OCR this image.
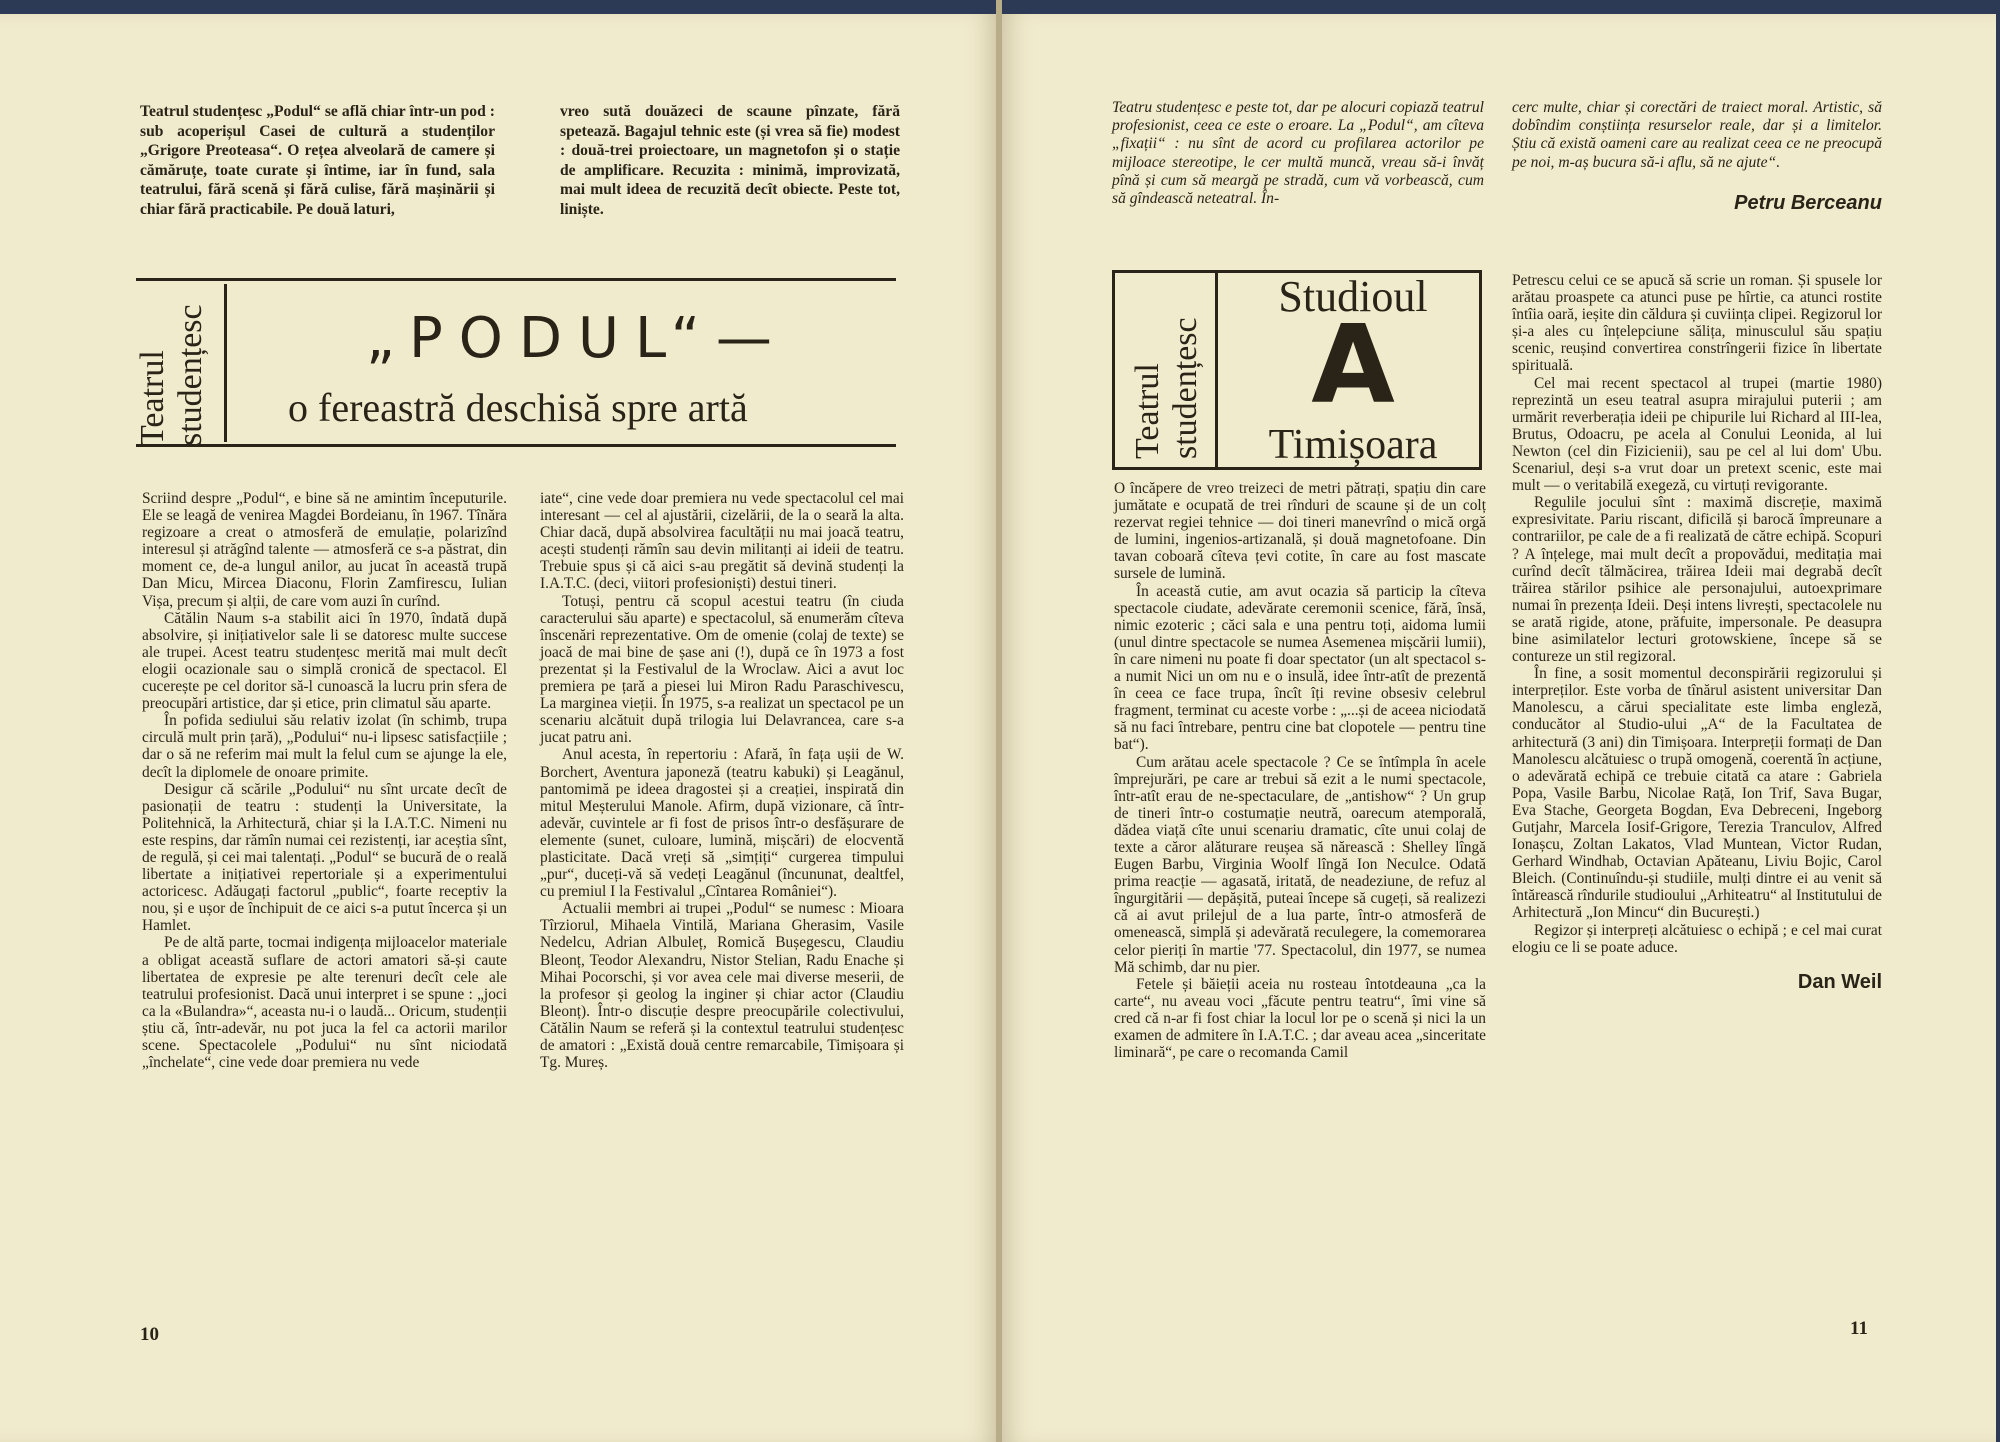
Teatrul studențesc „Podul“ se află chiar într-un pod : sub acoperișul Casei de cultură a studenților „Grigore Preoteasa“. O rețea alveolară de camere și cămăruțe, toate curate și întime, iar în fund, sala teatrului, fără scenă și fără culise, fără mașinării și chiar fără practicabile. Pe două laturi,

vreo sută douăzeci de scaune pînzate, fără spetează. Bagajul tehnic este (și vrea să fie) modest : două-trei proiectoare, un magnetofon și o stație de amplificare. Recuzita : minimă, improvizată, mai mult ideea de recuzită decît obiecte. Peste tot, liniște.

Teatrul studențesc	„PODUL“—
o fereastră deschisă spre artă

Scriind despre „Podul“, e bine să ne amintim începuturile. Ele se leagă de venirea Magdei Bordeianu, în 1967. Tînăra regizoare a creat o atmosferă de emulație, polarizînd interesul și atrăgînd talente — atmosferă ce s-a păstrat, din moment ce, de-a lungul anilor, au jucat în această trupă Dan Micu, Mircea Diaconu, Florin Zamfirescu, Iulian Vișa, precum și alții, de care vom auzi în curînd.

Cătălin Naum s-a stabilit aici în 1970, îndată după absolvire, și inițiativelor sale li se datoresc multe succese ale trupei. Acest teatru studențesc merită mai mult decît elogii ocazionale sau o simplă cronică de spectacol. El cucerește pe cel doritor să-l cunoască la lucru prin sfera de preocupări artistice, dar și etice, prin climatul său aparte.

În pofida sediului său relativ izolat (în schimb, trupa circulă mult prin țară), „Podului“ nu-i lipsesc satisfacțiile ; dar o să ne referim mai mult la felul cum se ajunge la ele, decît la diplomele de onoare primite.

Desigur că scările „Podului“ nu sînt urcate decît de pasionații de teatru : studenți la Universitate, la Politehnică, la Arhitectură, chiar și la I.A.T.C. Nimeni nu este respins, dar rămîn numai cei rezistenți, iar aceștia sînt, de regulă, și cei mai talentați. „Podul“ se bucură de o reală libertate a inițiativei repertoriale și a experimentului actoricesc. Adăugați factorul „public“, foarte receptiv la nou, și e ușor de închipuit de ce aici s-a putut încerca și un Hamlet.

Pe de altă parte, tocmai indigența mijloacelor materiale a obligat această suflare de actori amatori să-și caute libertatea de expresie pe alte terenuri decît cele ale teatrului profesionist. Dacă unui interpret i se spune : „joci ca la «Bulandra»“, aceasta nu-i o laudă... Oricum, studenții știu că, într-adevăr, nu pot juca la fel ca actorii marilor scene. Spectacolele „Podului“ nu sînt niciodată „închelate“, cine vede doar premiera nu vede

iate“, cine vede doar premiera nu vede spectacolul cel mai interesant — cel al ajustării, cizelării, de la o seară la alta. Chiar dacă, după absolvirea facultății nu mai joacă teatru, acești studenți rămîn sau devin militanți ai ideii de teatru. Trebuie spus și că aici s-au pregătit să devină studenți la I.A.T.C. (deci, viitori profesioniști) destui tineri.

Totuși, pentru că scopul acestui teatru (în ciuda caracterului său aparte) e spectacolul, să enumerăm cîteva înscenări reprezentative. Om de omenie (colaj de texte) se joacă de mai bine de șase ani (!), după ce în 1973 a fost prezentat și la Festivalul de la Wroclaw. Aici a avut loc premiera pe țară a piesei lui Miron Radu Paraschivescu, La marginea vieții. În 1975, s-a realizat un spectacol pe un scenariu alcătuit după trilogia lui Delavrancea, care s-a jucat patru ani.

Anul acesta, în repertoriu : Afară, în fața ușii de W. Borchert, Aventura japoneză (teatru kabuki) și Leagănul, pantomimă pe ideea dragostei și a creației, inspirată din mitul Meșterului Manole. Afirm, după vizionare, că într-adevăr, cuvintele ar fi fost de prisos într-o desfășurare de elemente (sunet, culoare, lumină, mișcări) de elocventă plasticitate. Dacă vreți să „simțiți“ curgerea timpului „pur“, duceți-vă să vedeți Leagănul (încununat, dealtfel, cu premiul I la Festivalul „Cîntarea României“).

Actualii membri ai trupei „Podul“ se numesc : Mioara Tîrziorul, Mihaela Vintilă, Mariana Gherasim, Vasile Nedelcu, Adrian Albuleț, Romică Bușegescu, Claudiu Bleonț, Teodor Alexandru, Nistor Stelian, Radu Enache și Mihai Pocorschi, și vor avea cele mai diverse meserii, de la profesor și geolog la inginer și chiar actor (Claudiu Bleonț). Într-o discuție despre preocupările colectivului, Cătălin Naum se referă și la contextul teatrului studențesc de amatori : „Există două centre remarcabile, Timișoara și Tg. Mureș.

10

Teatru studențesc e peste tot, dar pe alocuri copiază teatrul profesionist, ceea ce este o eroare. La „Podul“, am cîteva „fixații“ : nu sînt de acord cu profilarea actorilor pe mijloace stereotipe, le cer multă muncă, vreau să-i învăț pînă și cum să meargă pe stradă, cum vă vorbească, cum să gîndească neteatral. În-

cerc multe, chiar și corectări de traiect moral. Artistic, să dobîndim conștiința resurselor reale, dar și a limitelor. Știu că există oameni care au realizat ceea ce ne preocupă pe noi, m-aș bucura să-i aflu, să ne ajute“.

Petru Berceanu
Teatrul studențesc
Studioul
A
Timișoara

O încăpere de vreo treizeci de metri pătrați, spațiu din care jumătate e ocupată de trei rînduri de scaune și de un colț rezervat regiei tehnice — doi tineri manevrînd o mică orgă de lumini, ingenios-artizanală, și două magnetofoane. Din tavan coboară cîteva țevi cotite, în care au fost mascate sursele de lumină.

În această cutie, am avut ocazia să particip la cîteva spectacole ciudate, adevărate ceremonii scenice, fără, însă, nimic ezoteric ; căci sala e una pentru toți, aidoma lumii (unul dintre spectacole se numea Asemenea mișcării lumii), în care nimeni nu poate fi doar spectator (un alt spectacol s-a numit Nici un om nu e o insulă, idee într-atît de prezentă în ceea ce face trupa, încît îți revine obsesiv celebrul fragment, terminat cu aceste vorbe : „...și de aceea niciodată să nu faci întrebare, pentru cine bat clopotele — pentru tine bat“).

Cum arătau acele spectacole ? Ce se întîmpla în acele împrejurări, pe care ar trebui să ezit a le numi spectacole, într-atît erau de ne-spectaculare, de „antishow“ ? Un grup de tineri într-o costumație neutră, oarecum atemporală, dădea viață cîte unui scenariu dramatic, cîte unui colaj de texte a căror alăturare reușea să nărească : Shelley lîngă Eugen Barbu, Virginia Woolf lîngă Ion Neculce. Odată prima reacție — agasată, iritată, de neadeziune, de refuz al îngurgitării — depășită, puteai începe să cugeți, să realizezi că ai avut prilejul de a lua parte, într-o atmosferă de omenească, simplă și adevărată reculegere, la comemorarea celor pieriți în martie '77. Spectacolul, din 1977, se numea Mă schimb, dar nu pier.

Fetele și băieții aceia nu rosteau întotdeauna „ca la carte“, nu aveau voci „făcute pentru teatru“, îmi vine să cred că n-ar fi fost chiar la locul lor pe o scenă și nici la un examen de admitere în I.A.T.C. ; dar aveau acea „sinceritate liminară“, pe care o recomanda Camil

Petrescu celui ce se apucă să scrie un roman. Și spusele lor arătau proaspete ca atunci puse pe hîrtie, ca atunci rostite întîia oară, ieșite din căldura și cuviința clipei. Regizorul lor și-a ales cu înțelepciune sălița, minusculul său spațiu scenic, reușind convertirea constrîngerii fizice în libertate spirituală.

Cel mai recent spectacol al trupei (martie 1980) reprezintă un eseu teatral asupra mirajului puterii ; am urmărit reverberația ideii pe chipurile lui Richard al III-lea, Brutus, Odoacru, pe acela al Conului Leonida, al lui Newton (cel din Fizicienii), sau pe cel al lui dom' Ubu. Scenariul, deși s-a vrut doar un pretext scenic, este mai mult — o veritabilă exegeză, cu virtuți revigorante.

Regulile jocului sînt : maximă discreție, maximă expresivitate. Pariu riscant, dificilă și barocă împreunare a contrariilor, pe cale de a fi realizată de către echipă. Scopuri ? A înțelege, mai mult decît a propovădui, meditația mai curînd decît tălmăcirea, trăirea Ideii mai degrabă decît trăirea stărilor psihice ale personajului, autoexprimare numai în prezența Ideii. Deși intens livrești, spectacolele nu se arată rigide, atone, prăfuite, impersonale. Pe deasupra bine asimilatelor lecturi grotowskiene, începe să se contureze un stil regizoral.

În fine, a sosit momentul deconspirării regizorului și interpreților. Este vorba de tînărul asistent universitar Dan Manolescu, a cărui specialitate este limba engleză, conducător al Studio-ului „A“ de la Facultatea de arhitectură (3 ani) din Timișoara. Interpreții formați de Dan Manolescu alcătuiesc o trupă omogenă, coerentă în acțiune, o adevărată echipă ce trebuie citată ca atare : Gabriela Popa, Vasile Barbu, Nicolae Rață, Ion Trif, Sava Bugar, Eva Stache, Georgeta Bogdan, Eva Debreceni, Ingeborg Gutjahr, Marcela Iosif-Grigore, Terezia Tranculov, Alfred Ionașcu, Zoltan Lakatos, Vlad Muntean, Victor Rudan, Gerhard Windhab, Octavian Apăteanu, Liviu Bojic, Carol Bleich. (Continuîndu-și studiile, mulți dintre ei au venit să întărească rîndurile studioului „Arhiteatru“ al Institutului de Arhitectură „Ion Mincu“ din București.)

Regizor și interpreți alcătuiesc o echipă ; e cel mai curat elogiu ce li se poate aduce.

Dan Weil
11
